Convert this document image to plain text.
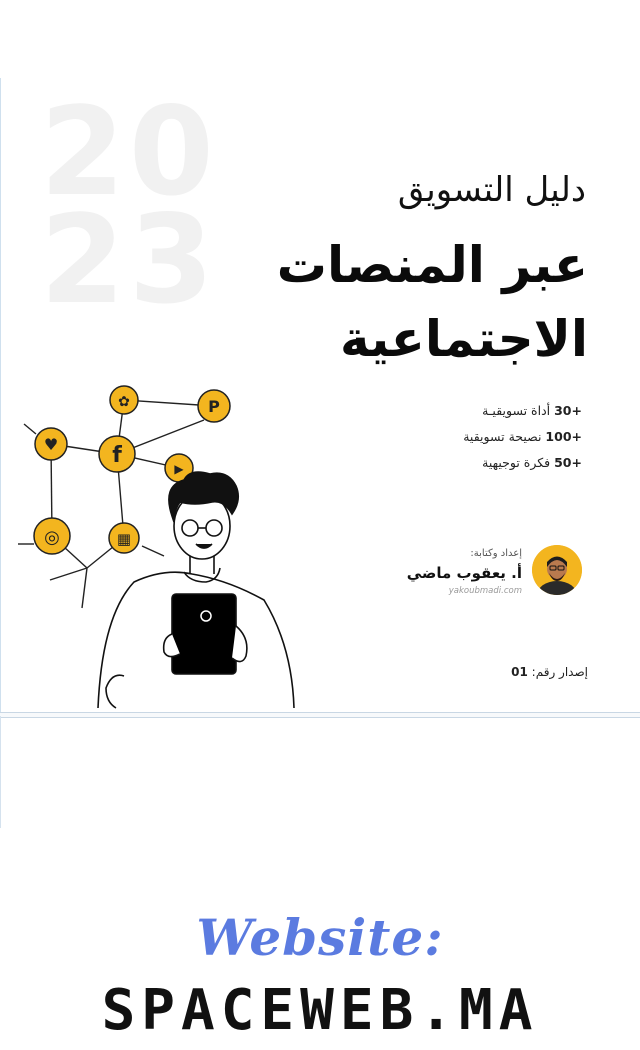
20
23	دليل التسويق
عبر المنصات
الاجتماعية
+30 أداة تسويقيـة
+100 نصيحة تسويقية
+50 فكرة توجيهية
إعداد وكتابة:
أ. يعقوب ماضي
yakoubmadi.com
إصدار رقم: 01
✿	P
♥ f
▶
◎	▦
Website:
SPACEWEB.MA
